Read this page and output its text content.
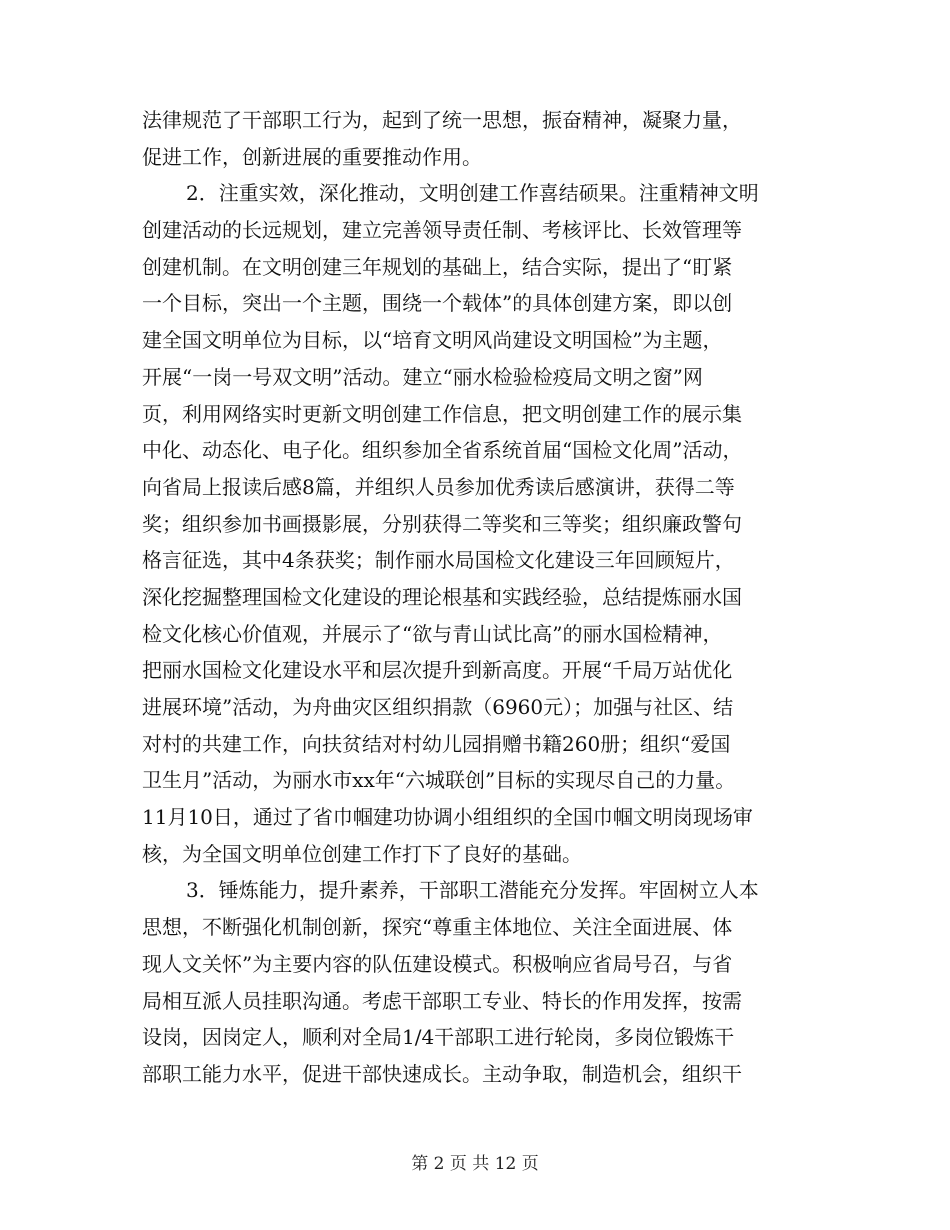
法律规范了干部职工行为，起到了统一思想，振奋精神，凝聚力量，
促进工作，创新进展的重要推动作用。
2．注重实效，深化推动，文明创建工作喜结硕果。注重精神文明
创建活动的长远规划，建立完善领导责任制、考核评比、长效管理等
创建机制。在文明创建三年规划的基础上，结合实际，提出了“盯紧
一个目标，突出一个主题，围绕一个载体”的具体创建方案，即以创
建全国文明单位为目标，以“培育文明风尚建设文明国检”为主题，
开展“一岗一号双文明”活动。建立“丽水检验检疫局文明之窗”网
页，利用网络实时更新文明创建工作信息，把文明创建工作的展示集
中化、动态化、电子化。组织参加全省系统首届“国检文化周”活动，
向省局上报读后感8篇，并组织人员参加优秀读后感演讲，获得二等
奖；组织参加书画摄影展，分别获得二等奖和三等奖；组织廉政警句
格言征选，其中4条获奖；制作丽水局国检文化建设三年回顾短片，
深化挖掘整理国检文化建设的理论根基和实践经验，总结提炼丽水国
检文化核心价值观，并展示了“欲与青山试比高”的丽水国检精神，
把丽水国检文化建设水平和层次提升到新高度。开展“千局万站优化
进展环境”活动，为舟曲灾区组织捐款（6960元）；加强与社区、结
对村的共建工作，向扶贫结对村幼儿园捐赠书籍260册；组织“爱国
卫生月”活动，为丽水市xx年“六城联创”目标的实现尽自己的力量。
11月10日，通过了省巾帼建功协调小组组织的全国巾帼文明岗现场审
核，为全国文明单位创建工作打下了良好的基础。
3．锤炼能力，提升素养，干部职工潜能充分发挥。牢固树立人本
思想，不断强化机制创新，探究“尊重主体地位、关注全面进展、体
现人文关怀”为主要内容的队伍建设模式。积极响应省局号召，与省
局相互派人员挂职沟通。考虑干部职工专业、特长的作用发挥，按需
设岗，因岗定人，顺利对全局1/4干部职工进行轮岗，多岗位锻炼干
部职工能力水平，促进干部快速成长。主动争取，制造机会，组织干
第 2 页 共 12 页
